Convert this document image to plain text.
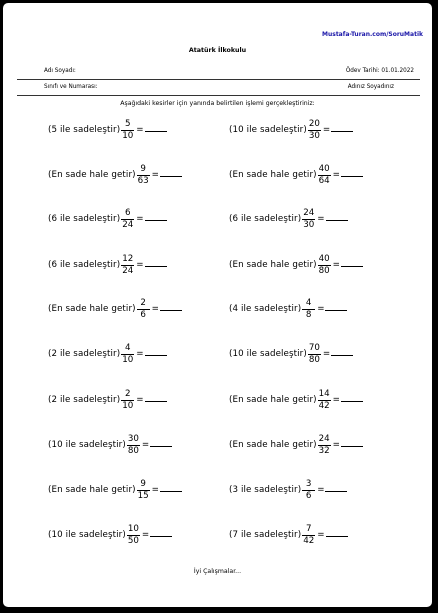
Mustafa-Turan.com/SoruMatik
Atatürk İlkokulu
Adı Soyadı:	Ödev Tarihi: 01.01.2022
Sınıfı ve Numarası:	Adınız Soyadınız
Aşağıdaki kesirler için yanında belirtilen işlemi gerçekleştiriniz:
(5 ile sadeleştir) $\frac{5}{10}$ =	(10 ile sadeleştir) $\frac{20}{30}$ =
(En sade hale getir) $\frac{9}{63}$ =	(En sade hale getir) $\frac{40}{64}$ =
(6 ile sadeleştir) $\frac{6}{24}$ =	(6 ile sadeleştir) $\frac{24}{30}$ =
(6 ile sadeleştir) $\frac{12}{24}$ =	(En sade hale getir) $\frac{40}{80}$ =
(En sade hale getir) $\frac{2}{6}$ =	(4 ile sadeleştir) $\frac{4}{8}$ =
(2 ile sadeleştir) $\frac{4}{10}$ =	(10 ile sadeleştir) $\frac{70}{80}$ =
(2 ile sadeleştir) $\frac{2}{10}$ =	(En sade hale getir) $\frac{14}{42}$ =
(10 ile sadeleştir) $\frac{30}{80}$ =	(En sade hale getir) $\frac{24}{32}$ =
(En sade hale getir) $\frac{9}{15}$ =	(3 ile sadeleştir) $\frac{3}{6}$ =
(10 ile sadeleştir) $\frac{10}{50}$ =	(7 ile sadeleştir) $\frac{7}{42}$ =
İyi Çalışmalar...
